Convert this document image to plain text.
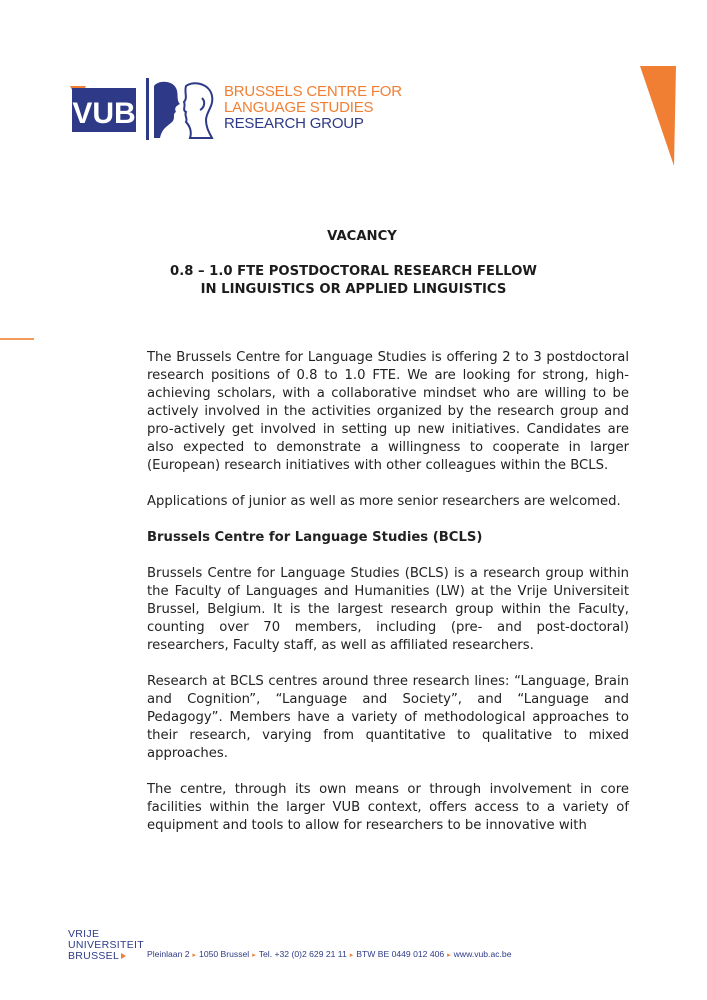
VUB
BRUSSELS CENTRE FOR
LANGUAGE STUDIES
RESEARCH GROUP
VACANCY
0.8 – 1.0 FTE POSTDOCTORAL RESEARCH FELLOW
IN LINGUISTICS OR APPLIED LINGUISTICS

The Brussels Centre for Language Studies is offering 2 to 3 postdoctoral research positions of 0.8 to 1.0 FTE. We are looking for strong, high-achieving scholars, with a collaborative mindset who are willing to be actively involved in the activities organized by the research group and pro-actively get involved in setting up new initiatives. Candidates are also expected to demonstrate a willingness to cooperate in larger (European) research initiatives with other colleagues within the BCLS.

Applications of junior as well as more senior researchers are welcomed.

Brussels Centre for Language Studies (BCLS)

Brussels Centre for Language Studies (BCLS) is a research group within the Faculty of Languages and Humanities (LW) at the Vrije Universiteit Brussel, Belgium. It is the largest research group within the Faculty, counting over 70 members, including (pre- and post-doctoral) researchers, Faculty staff, as well as affiliated researchers.

Research at BCLS centres around three research lines: “Language, Brain and Cognition”, “Language and Society”, and “Language and Pedagogy”. Members have a variety of methodological approaches to their research, varying from quantitative to qualitative to mixed approaches.

The centre, through its own means or through involvement in core facilities within the larger VUB context, offers access to a variety of equipment and tools to allow for researchers to be innovative with

VRIJE
UNIVERSITEIT
BRUSSEL	Pleinlaan 2 ▸ 1050 Brussel ▸ Tel. +32 (0)2 629 21 11 ▸ BTW BE 0449 012 406 ▸ www.vub.ac.be
